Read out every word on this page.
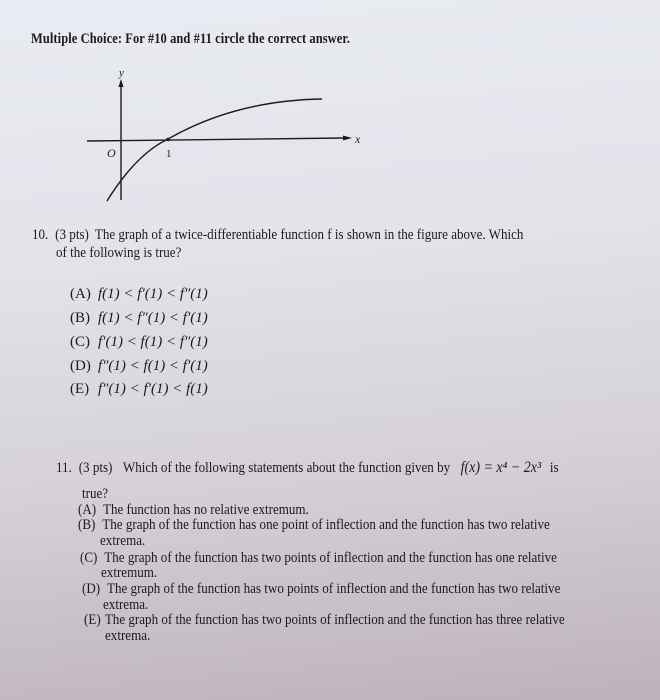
Multiple Choice: For #10 and #11 circle the correct answer.
y
x
O	1
10. (3 pts) The graph of a twice-differentiable function f is shown in the figure above. Which
of the following is true?
(A) f(1) < f′(1) < f″(1)
(B) f(1) < f″(1) < f′(1)
(C) f′(1) < f(1) < f″(1)
(D) f″(1) < f(1) < f′(1)
(E) f″(1) < f′(1) < f(1)
11. (3 pts) Which of the following statements about the function given by f(x) = x⁴ − 2x³ is
true?
(A) The function has no relative extremum.
(B) The graph of the function has one point of inflection and the function has two relative
extrema.
(C) The graph of the function has two points of inflection and the function has one relative
extremum.
(D) The graph of the function has two points of inflection and the function has two relative
extrema.
(E) The graph of the function has two points of inflection and the function has three relative
extrema.
